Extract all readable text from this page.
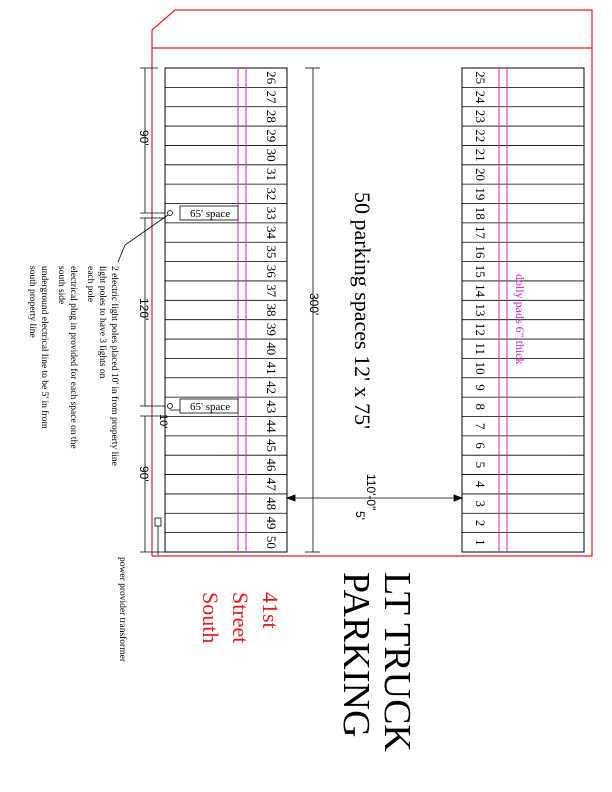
25
24
23
22
21
20
19
18
17
16
15
14
13
12
11
10
9
8
7
6
5
4
3
2
1
26
27
28
29
30
31
32
33
34
35
36
37
38
39
40
41
42
43
44
45
46
47
48
49
50
dolly pads 6" thick
50 parking spaces 12' x 75'
300'
110'-0"
5'
90'
120'
90'
10'
65' space
65' space
2 electric light poles placed 10' in from property line
light poles to have 3 lights on
each pole
electrical plug in provided for each space on the
south side
underground electrical line to be 5' in from
south property line
power provider transformer	LT TRUCK
PARKING
41st
Street
South
